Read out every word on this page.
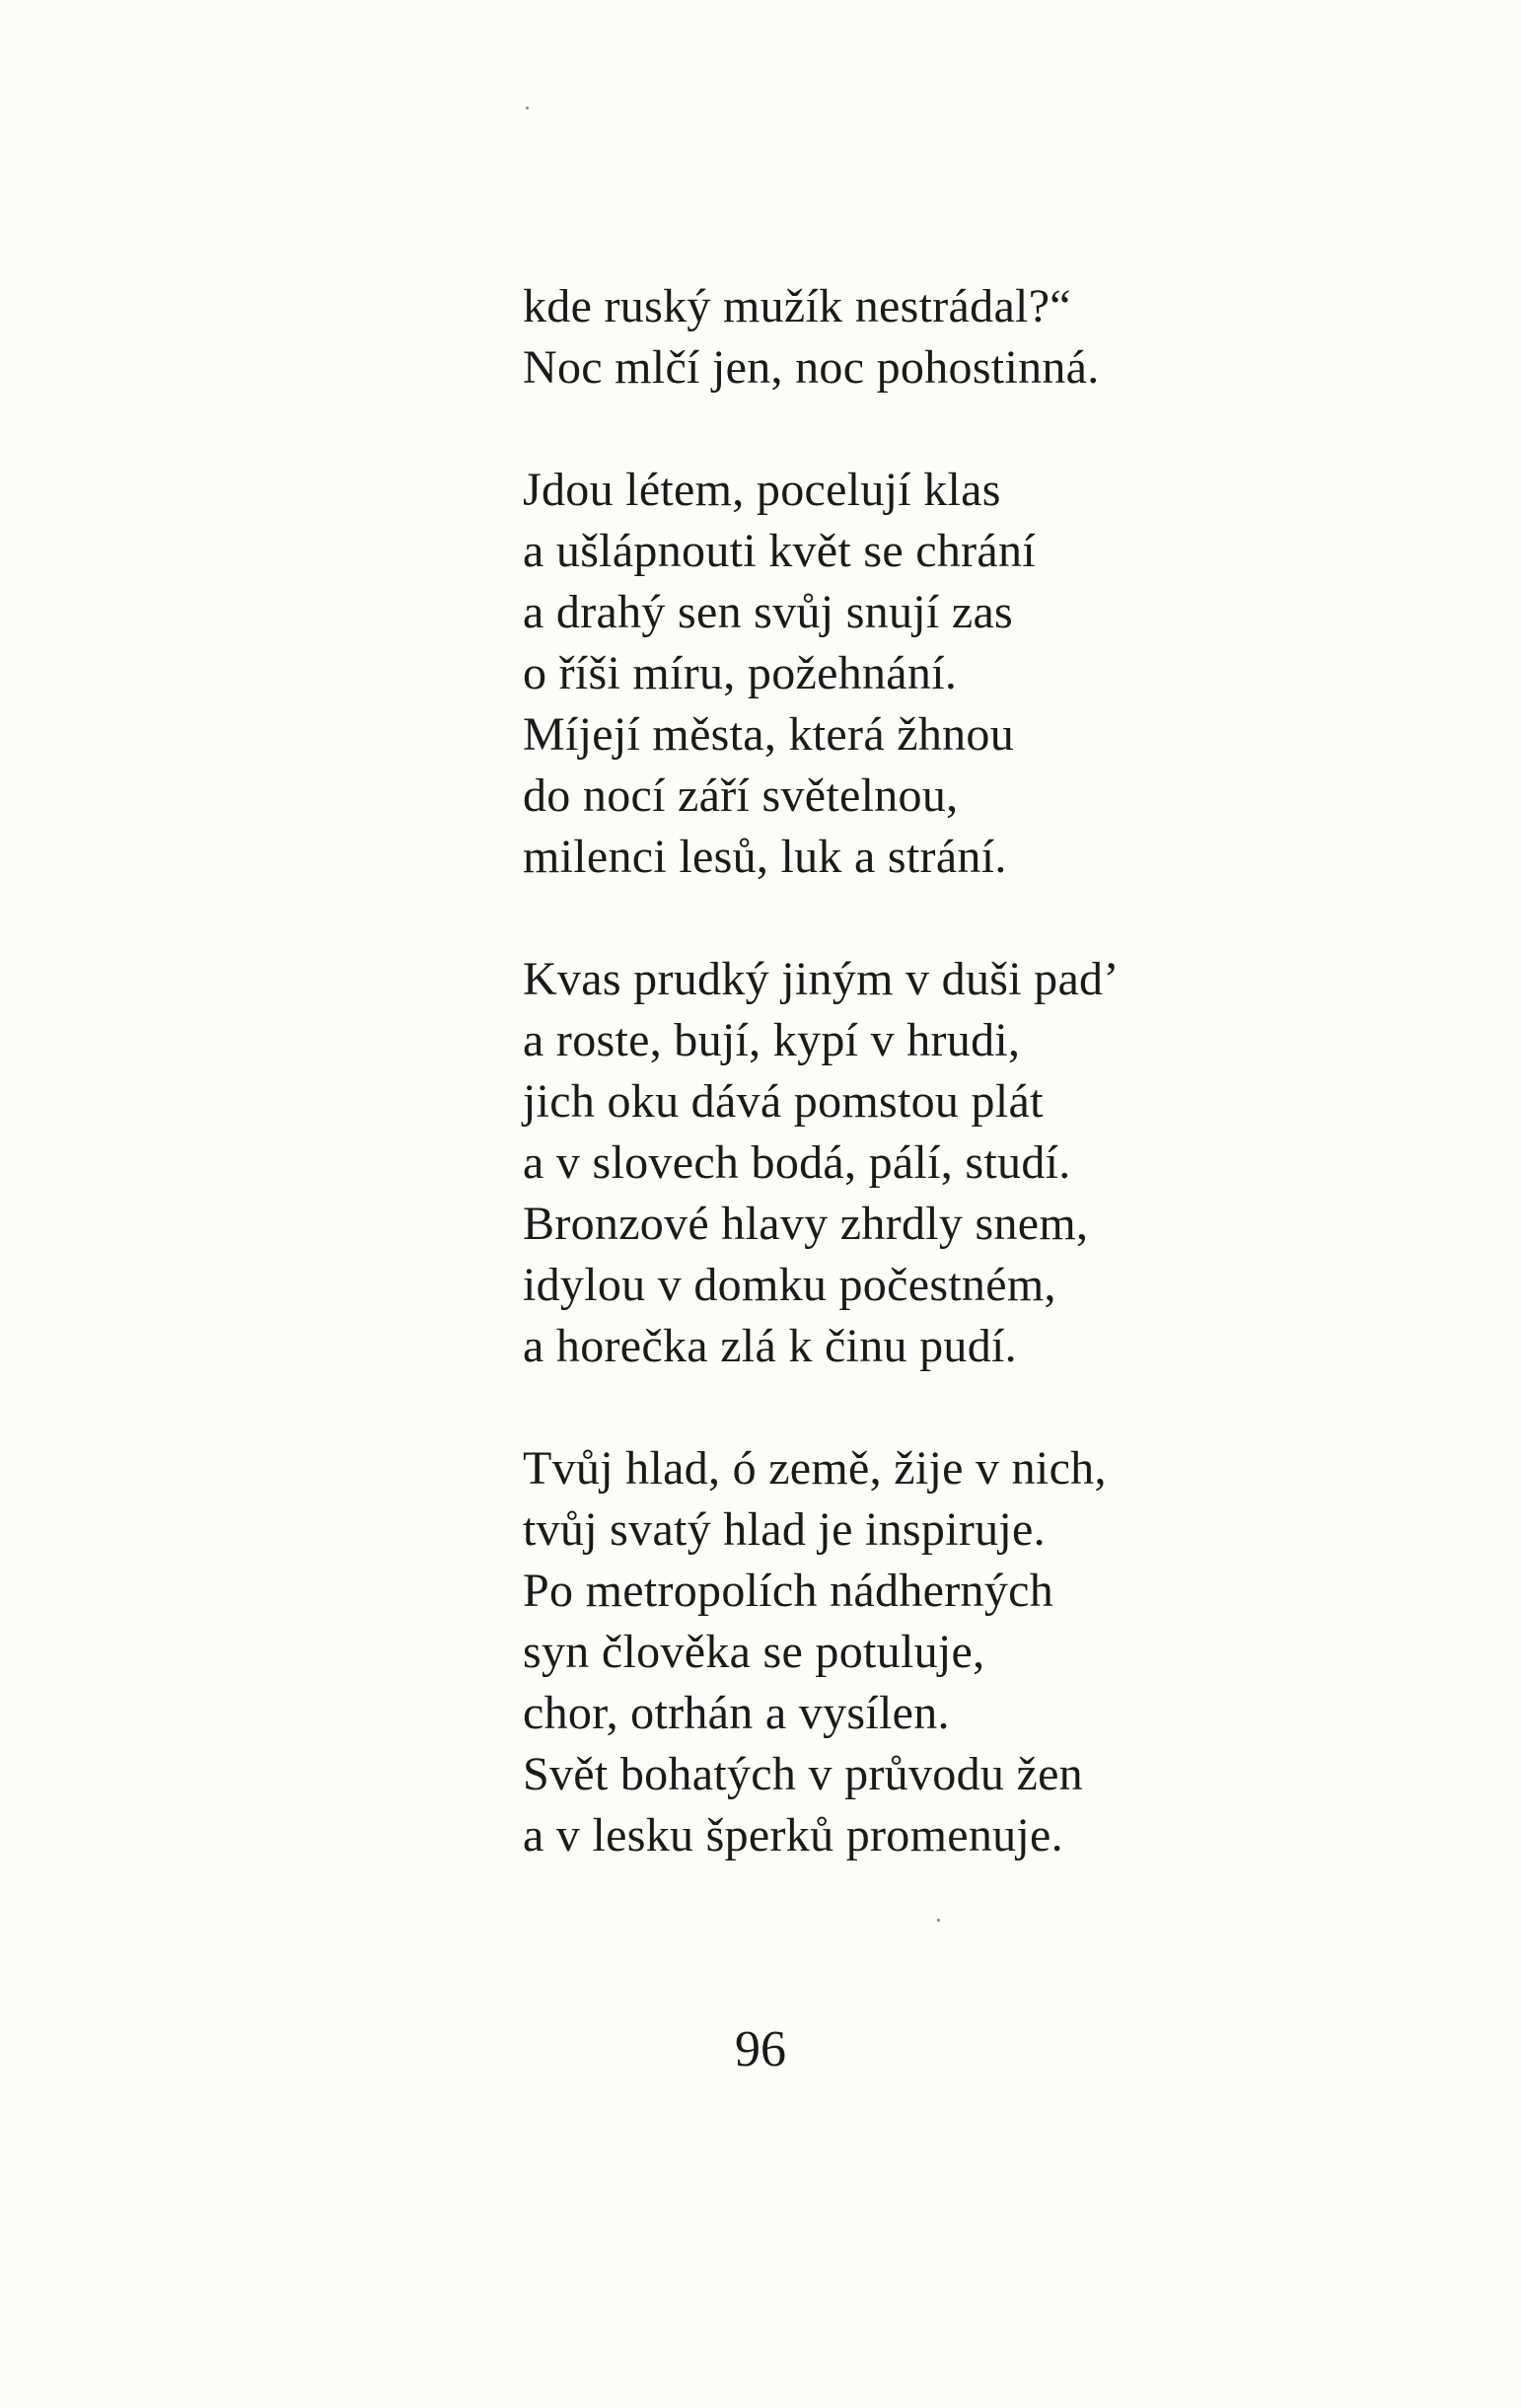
kde ruský mužík nestrádal?“
Noc mlčí jen, noc pohostinná.
Jdou létem, pocelují klas
a ušlápnouti květ se chrání
a drahý sen svůj snují zas
o říši míru, požehnání.
Míjejí města, která žhnou
do nocí září světelnou,
milenci lesů, luk a strání.
Kvas prudký jiným v duši pad’
a roste, bují, kypí v hrudi,
jich oku dává pomstou plát
a v slovech bodá, pálí, studí.
Bronzové hlavy zhrdly snem,
idylou v domku počestném,
a horečka zlá k činu pudí.
Tvůj hlad, ó země, žije v nich,
tvůj svatý hlad je inspiruje.
Po metropolích nádherných
syn člověka se potuluje,
chor, otrhán a vysílen.
Svět bohatých v průvodu žen
a v lesku šperků promenuje.
96
